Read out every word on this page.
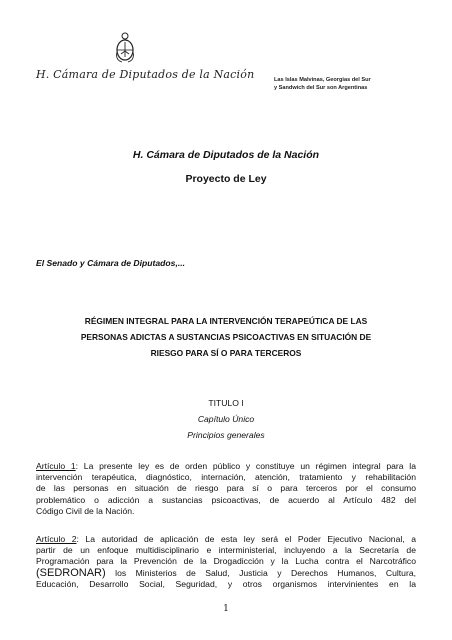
H. Cámara de Diputados de la Nación	Las Islas Malvinas, Georgias del Sur
y Sandwich del Sur son Argentinas
H. Cámara de Diputados de la Nación
Proyecto de Ley
El Senado y Cámara de Diputados,...
RÉGIMEN INTEGRAL PARA LA INTERVENCIÓN TERAPEÚTICA DE LAS
PERSONAS ADICTAS A SUSTANCIAS PSICOACTIVAS EN SITUACIÓN DE
RIESGO PARA SÍ O PARA TERCEROS
TITULO I
Capítulo Único
Principios generales
Artículo 1: La presente ley es de orden público y constituye un régimen integral para la
intervención terapéutica, diagnóstico, internación, atención, tratamiento y rehabilitación
de las personas en situación de riesgo para sí o para terceros por el consumo
problemático o adicción a sustancias psicoactivas, de acuerdo al Artículo 482 del
Código Civil de la Nación.
Artículo 2: La autoridad de aplicación de esta ley será el Poder Ejecutivo Nacional, a
partir de un enfoque multidisciplinario e interministerial, incluyendo a la Secretaría de
Programación para la Prevención de la Drogadicción y la Lucha contra el Narcotráfico
(SEDRONAR) los Ministerios de Salud, Justicia y Derechos Humanos, Cultura,
Educación, Desarrollo Social, Seguridad, y otros organismos intervinientes en la
1
